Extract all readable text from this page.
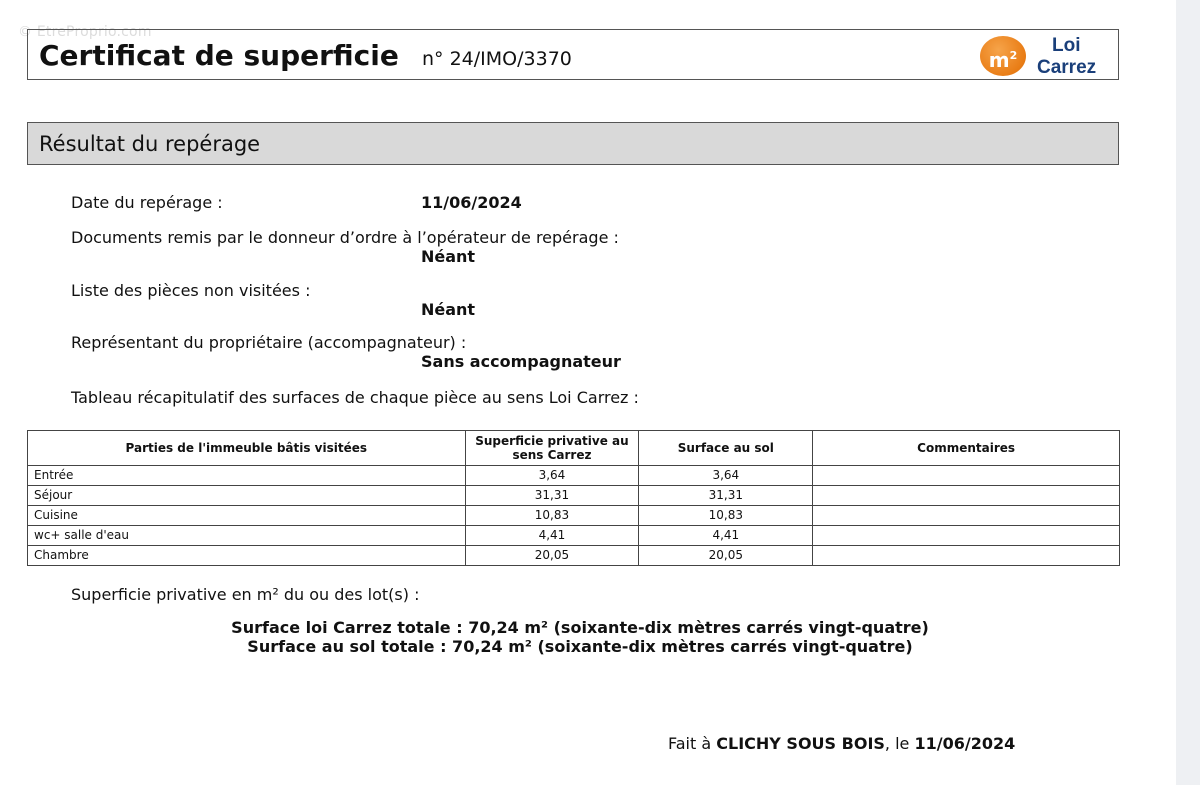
© EtreProprio.com
Certificat de superficie n° 24/IMO/3370	$m^2$	Loi
Carrez
Résultat du repérage
Date du repérage :	11/06/2024
Documents remis par le donneur d’ordre à l’opérateur de repérage :
Néant
Liste des pièces non visitées :
Néant
Représentant du propriétaire (accompagnateur) :
Sans accompagnateur
Tableau récapitulatif des surfaces de chaque pièce au sens Loi Carrez :
Parties de l'immeuble bâtis visitées	Superficie privative au
sens Carrez	Surface au sol	Commentaires
Entrée	3,64	3,64	
Séjour	31,31	31,31	
Cuisine	10,83	10,83	
wc+ salle d'eau	4,41	4,41	
Chambre	20,05	20,05	
Superficie privative en m² du ou des lot(s) :
Surface loi Carrez totale : 70,24 m² (soixante-dix mètres carrés vingt-quatre)
Surface au sol totale : 70,24 m² (soixante-dix mètres carrés vingt-quatre)
Fait à CLICHY SOUS BOIS, le 11/06/2024
